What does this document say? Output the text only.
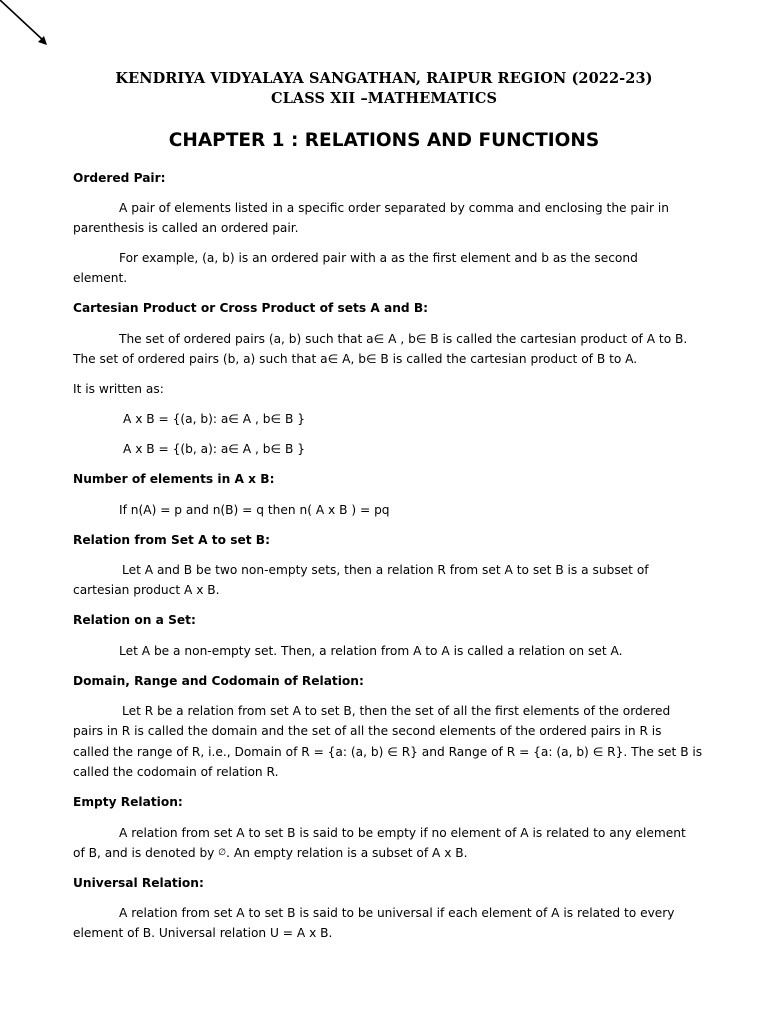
KENDRIYA VIDYALAYA SANGATHAN, RAIPUR REGION (2022-23)
CLASS XII –MATHEMATICS
CHAPTER 1 : RELATIONS AND FUNCTIONS
Ordered Pair:
A pair of elements listed in a specific order separated by comma and enclosing the pair in
parenthesis is called an ordered pair.
For example, (a, b) is an ordered pair with a as the first element and b as the second
element.
Cartesian Product or Cross Product of sets A and B:
The set of ordered pairs (a, b) such that a∈ A , b∈ B is called the cartesian product of A to B.
The set of ordered pairs (b, a) such that a∈ A, b∈ B is called the cartesian product of B to A.
It is written as:
A x B = {(a, b): a∈ A , b∈ B }
A x B = {(b, a): a∈ A , b∈ B }
Number of elements in A x B:
If n(A) = p and n(B) = q then n( A x B ) = pq
Relation from Set A to set B:
Let A and B be two non-empty sets, then a relation R from set A to set B is a subset of
cartesian product A x B.
Relation on a Set:
Let A be a non-empty set. Then, a relation from A to A is called a relation on set A.
Domain, Range and Codomain of Relation:
Let R be a relation from set A to set B, then the set of all the first elements of the ordered
pairs in R is called the domain and the set of all the second elements of the ordered pairs in R is
called the range of R, i.e., Domain of R = {a: (a, b) ∈ R} and Range of R = {a: (a, b) ∈ R}. The set B is
called the codomain of relation R.
Empty Relation:
A relation from set A to set B is said to be empty if no element of A is related to any element
of B, and is denoted by ∅. An empty relation is a subset of A x B.
Universal Relation:
A relation from set A to set B is said to be universal if each element of A is related to every
element of B. Universal relation U = A x B.
